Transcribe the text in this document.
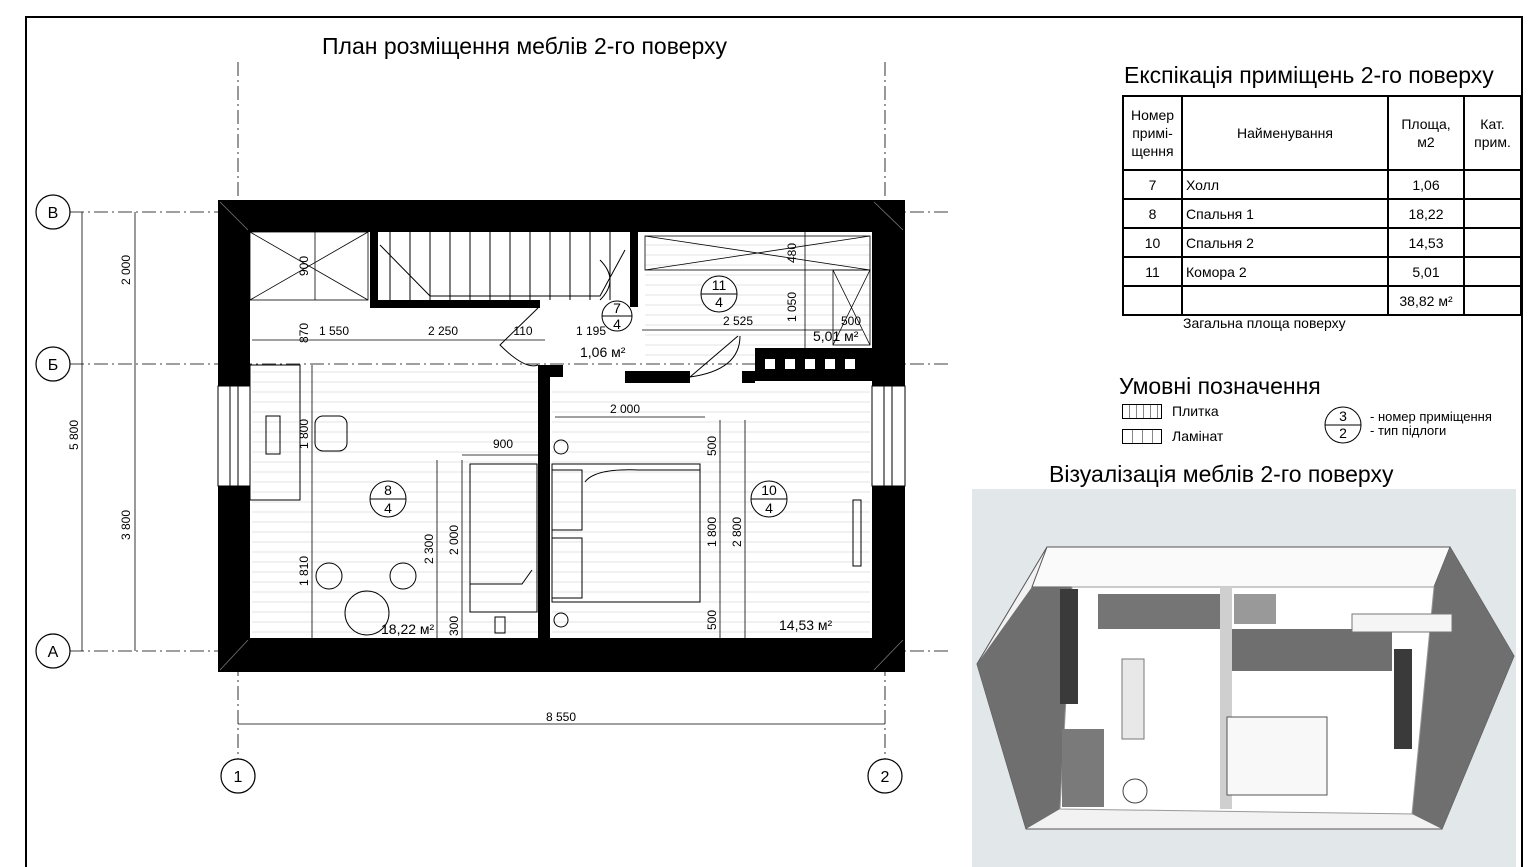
План розміщення меблів 2-го поверху
Експікація приміщень 2-го поверху
Умовні позначення
Візуалізація меблів 2-го поверху
В
Б
А
1	2
2 000
3 800
5 800
8 550
900
870 1 550	2 250	110	1 195
2 525	1 050
480
500
2 000
900
1 800	500
1 800 2 800
500
2 300 2 000
1 810
300
7
4
11
4
8
4
10
4
1,06 м²
5,01 м²
18,22 м²	14,53 м²
Номер примі-щення	Найменування	Площа, м2	Кат. прим.
7	Холл	1,06	
8	Спальня 1	18,22	
10	Спальня 2	14,53	
11	Комора 2	5,01	
		38,82 м²	
Загальна площа поверху
Плитка
Ламінат
3
2
- номер приміщення
- тип підлоги
